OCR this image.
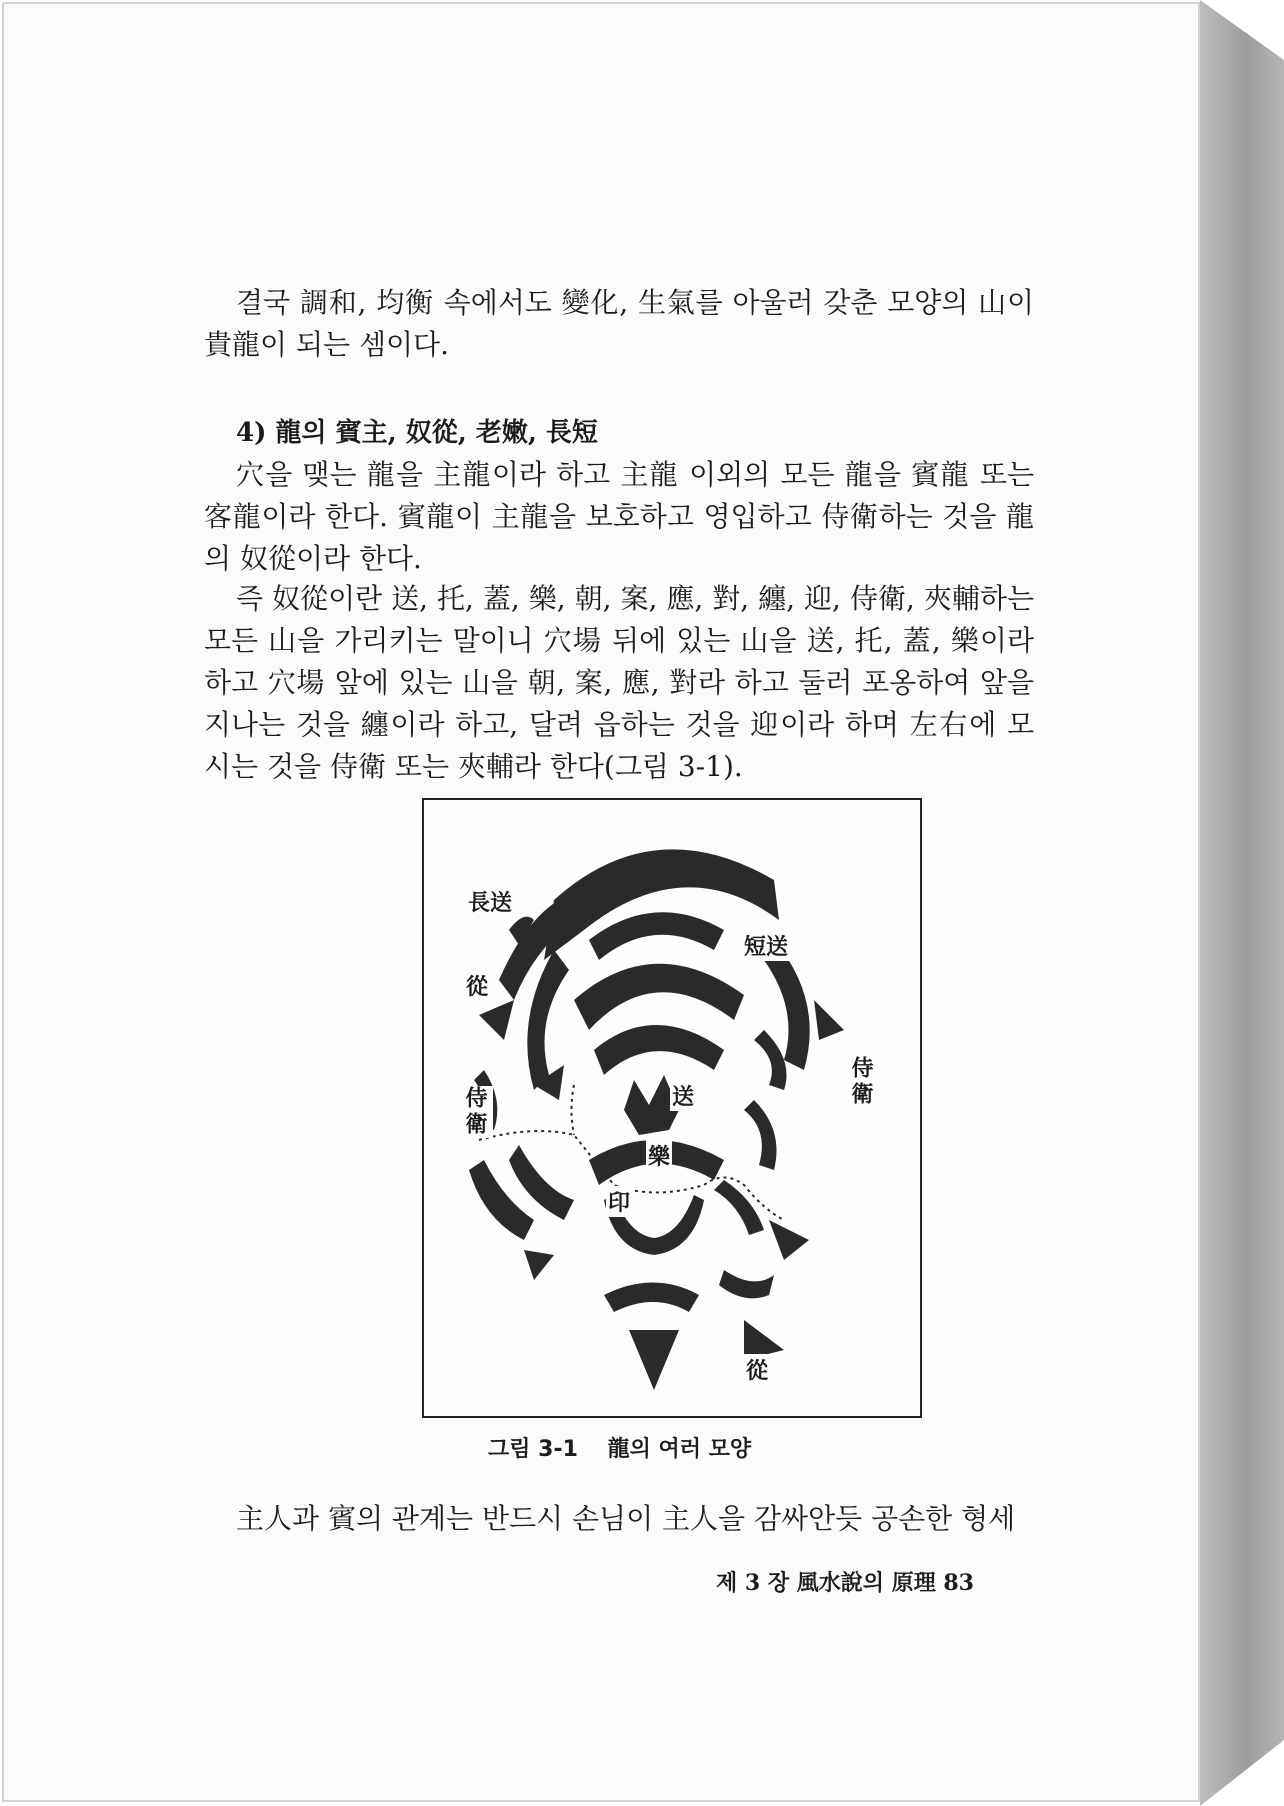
결국 調和, 均衡 속에서도 變化, 生氣를 아울러 갖춘 모양의 山이 貴龍이 되는 셈이다.
4) 龍의 賓主, 奴從, 老嫩, 長短
穴을 맺는 龍을 主龍이라 하고 主龍 이외의 모든 龍을 賓龍 또는 客龍이라 한다. 賓龍이 主龍을 보호하고 영입하고 侍衛하는 것을 龍의 奴從이라 한다.
즉 奴從이란 送, 托, 蓋, 樂, 朝, 案, 應, 對, 纏, 迎, 侍衛, 夾輔하는 모든 山을 가리키는 말이니 穴場 뒤에 있는 山을 送, 托, 蓋, 樂이라 하고 穴場 앞에 있는 山을 朝, 案, 應, 對라 하고 둘러 포옹하여 앞을 지나는 것을 纏이라 하고, 달려 읍하는 것을 迎이라 하며 左右에 모시는 것을 侍衛 또는 夾輔라 한다(그림 3-1).
長送
短送
從
侍衛
侍衛
送
樂
印
從
그림 3-1 龍의 여러 모양
主人과 賓의 관계는 반드시 손님이 主人을 감싸안듯 공손한 형세
제 3 장 風水說의 原理 83
